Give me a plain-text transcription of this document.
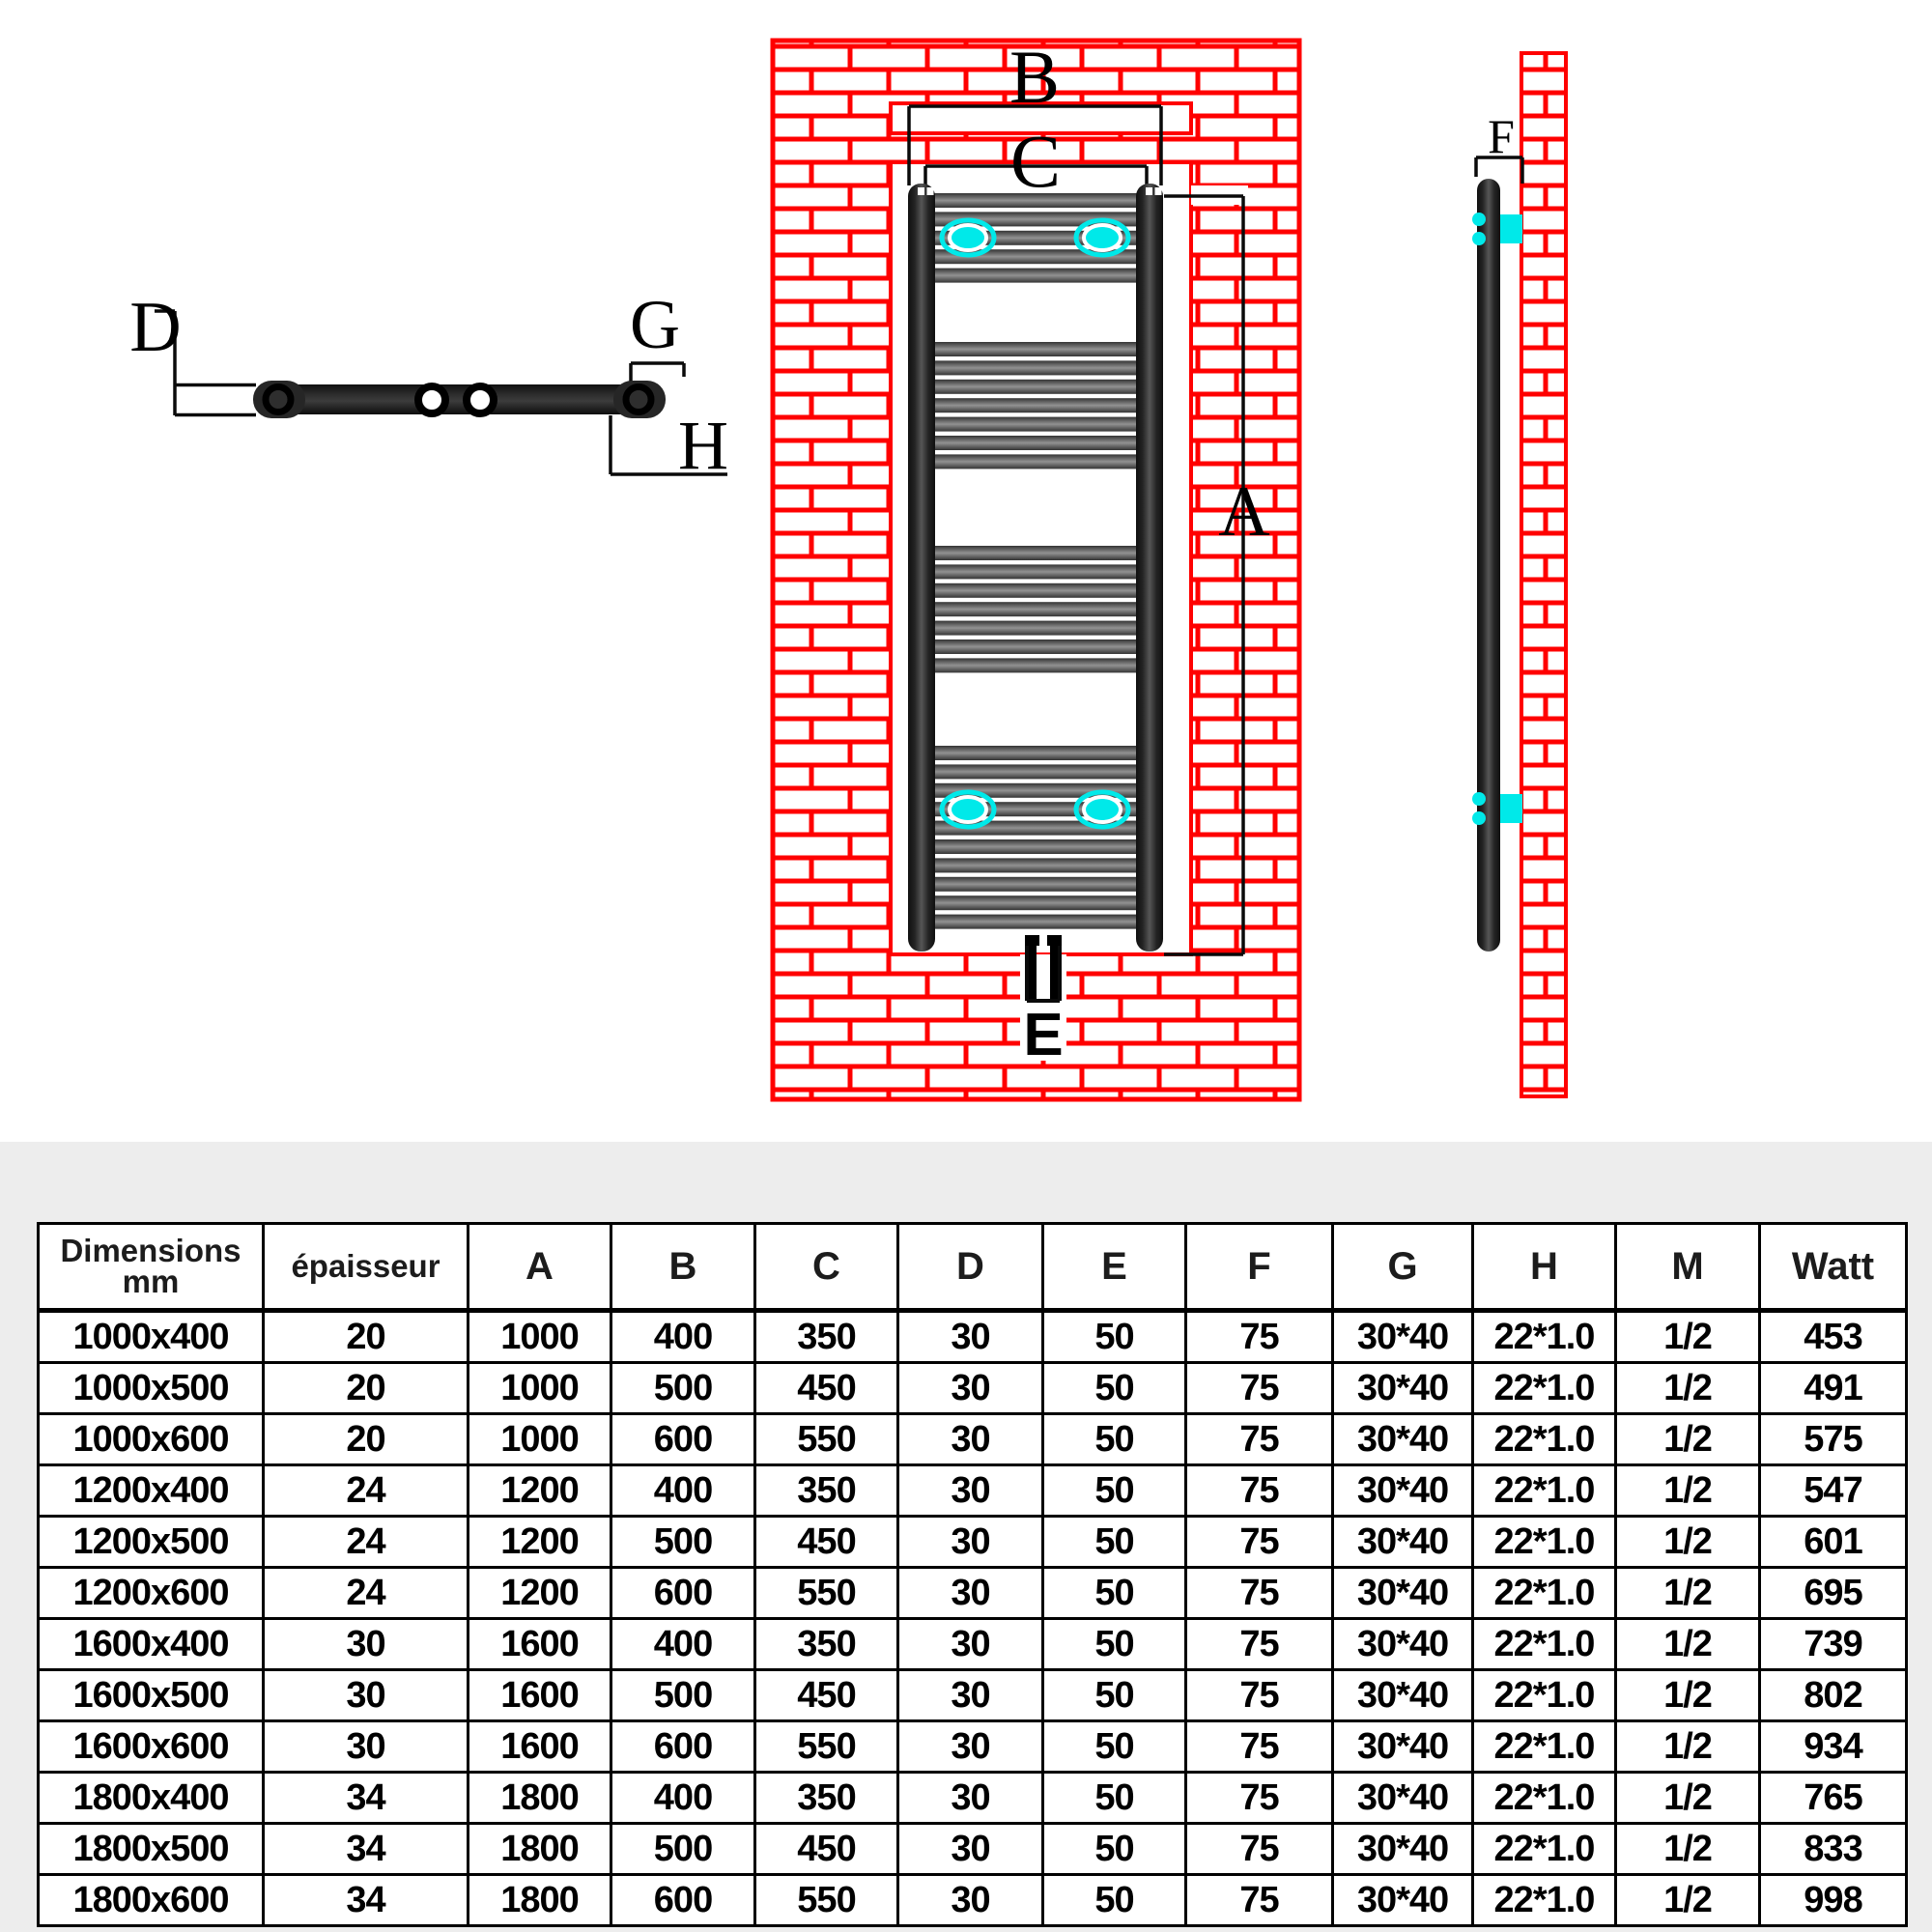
D	G
H
B
C
A
E
F
Dimensions
mm	épaisseur	A	B	C	D	E	F	G	H	M	Watt
1000x400	20	1000	400	350	30	50	75	30*40	22*1.0	1/2	453
1000x500	20	1000	500	450	30	50	75	30*40	22*1.0	1/2	491
1000x600	20	1000	600	550	30	50	75	30*40	22*1.0	1/2	575
1200x400	24	1200	400	350	30	50	75	30*40	22*1.0	1/2	547
1200x500	24	1200	500	450	30	50	75	30*40	22*1.0	1/2	601
1200x600	24	1200	600	550	30	50	75	30*40	22*1.0	1/2	695
1600x400	30	1600	400	350	30	50	75	30*40	22*1.0	1/2	739
1600x500	30	1600	500	450	30	50	75	30*40	22*1.0	1/2	802
1600x600	30	1600	600	550	30	50	75	30*40	22*1.0	1/2	934
1800x400	34	1800	400	350	30	50	75	30*40	22*1.0	1/2	765
1800x500	34	1800	500	450	30	50	75	30*40	22*1.0	1/2	833
1800x600	34	1800	600	550	30	50	75	30*40	22*1.0	1/2	998
